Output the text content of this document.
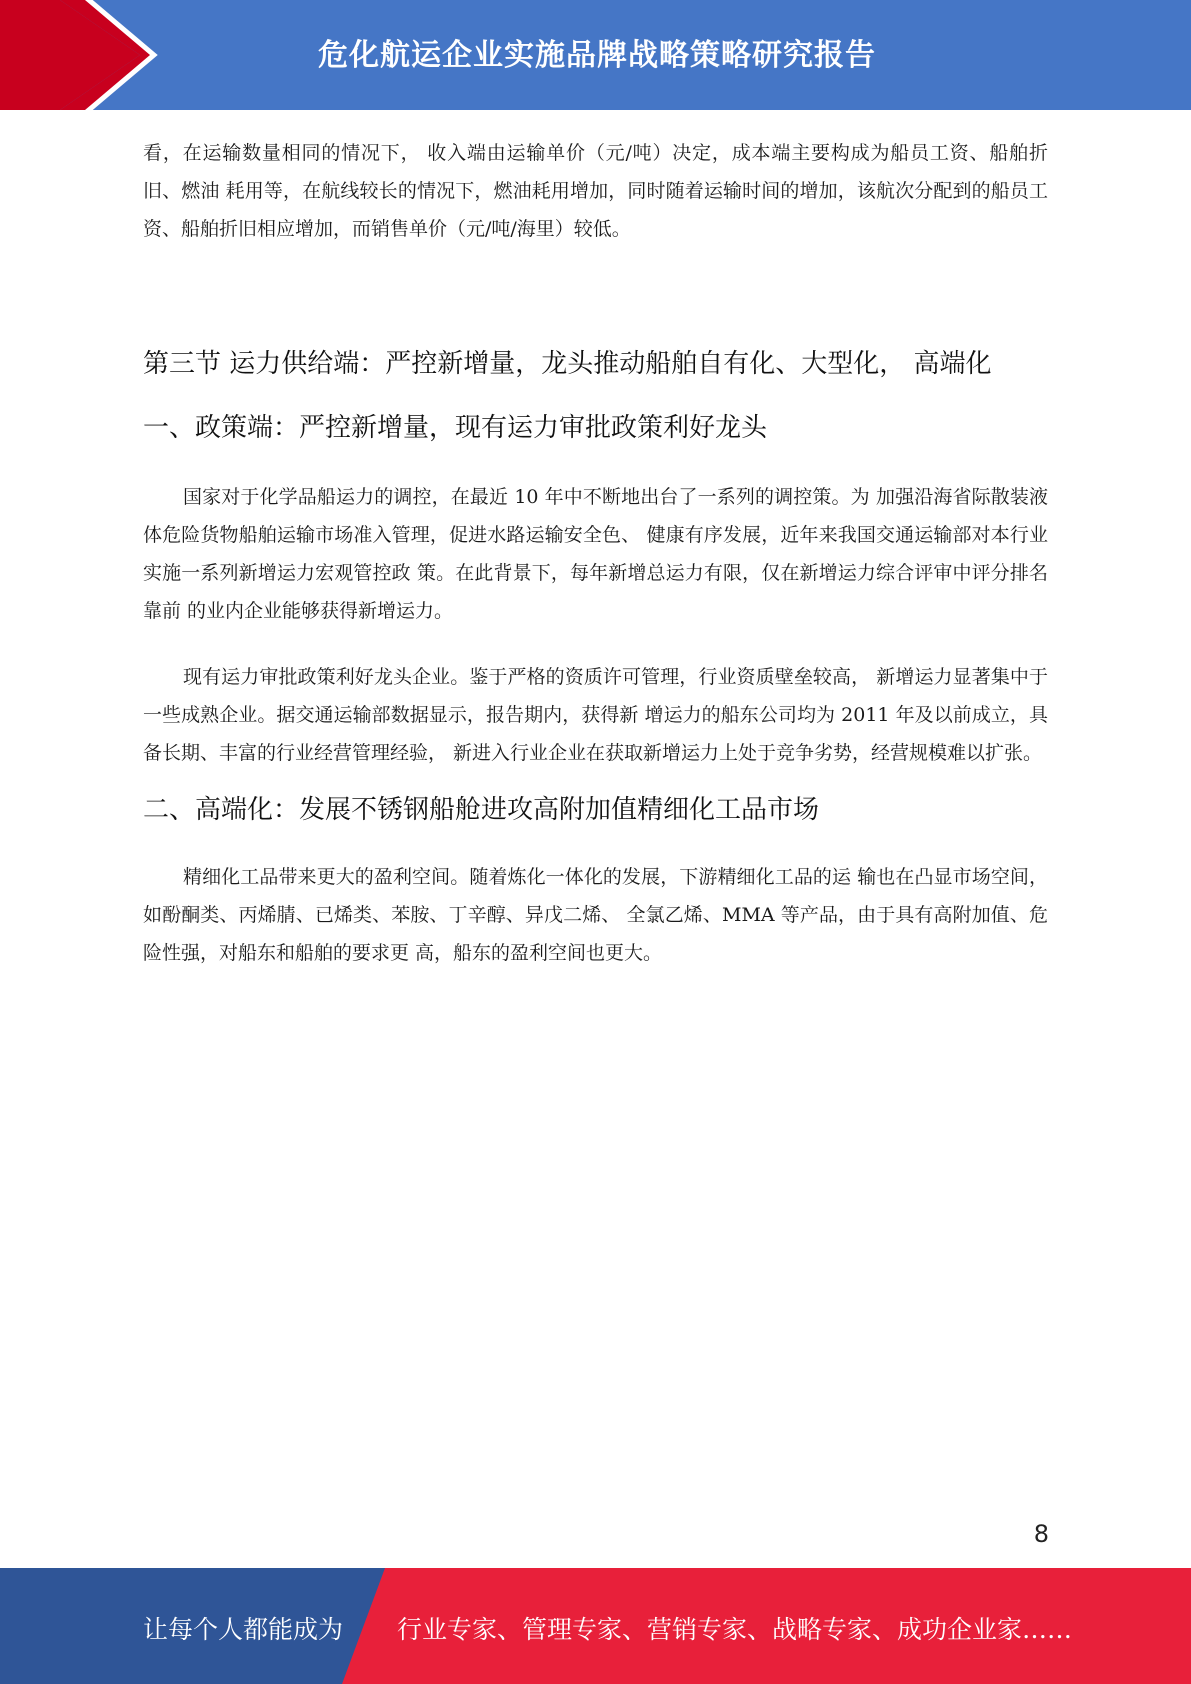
危化航运企业实施品牌战略策略研究报告

看，在运输数量相同的情况下， 收入端由运输单价（元/吨）决定，成本端主要构成为船员工资、船舶折旧、燃油 耗用等，在航线较长的情况下，燃油耗用增加，同时随着运输时间的增加，该航次分配到的船员工资、船舶折旧相应增加，而销售单价（元/吨/海里）较低。

第三节 运力供给端：严控新增量，龙头推动船舶自有化、大型化， 高端化
一、政策端：严控新增量，现有运力审批政策利好龙头

国家对于化学品船运力的调控，在最近 10 年中不断地出台了一系列的调控策。为 加强沿海省际散装液体危险货物船舶运输市场准入管理，促进水路运输安全色、 健康有序发展，近年来我国交通运输部对本行业实施一系列新增运力宏观管控政 策。在此背景下，每年新增总运力有限，仅在新增运力综合评审中评分排名靠前 的业内企业能够获得新增运力。

现有运力审批政策利好龙头企业。鉴于严格的资质许可管理，行业资质壁垒较高， 新增运力显著集中于一些成熟企业。据交通运输部数据显示，报告期内，获得新 增运力的船东公司均为 2011 年及以前成立，具备长期、丰富的行业经营管理经验， 新进入行业企业在获取新增运力上处于竞争劣势，经营规模难以扩张。

二、高端化：发展不锈钢船舱进攻高附加值精细化工品市场

精细化工品带来更大的盈利空间。随着炼化一体化的发展，下游精细化工品的运 输也在凸显市场空间，如酚酮类、丙烯腈、已烯类、苯胺、丁辛醇、异戊二烯、 全氯乙烯、MMA 等产品，由于具有高附加值、危险性强，对船东和船舶的要求更 高，船东的盈利空间也更大。

8
让每个人都能成为 行业专家、管理专家、营销专家、战略专家、成功企业家……
